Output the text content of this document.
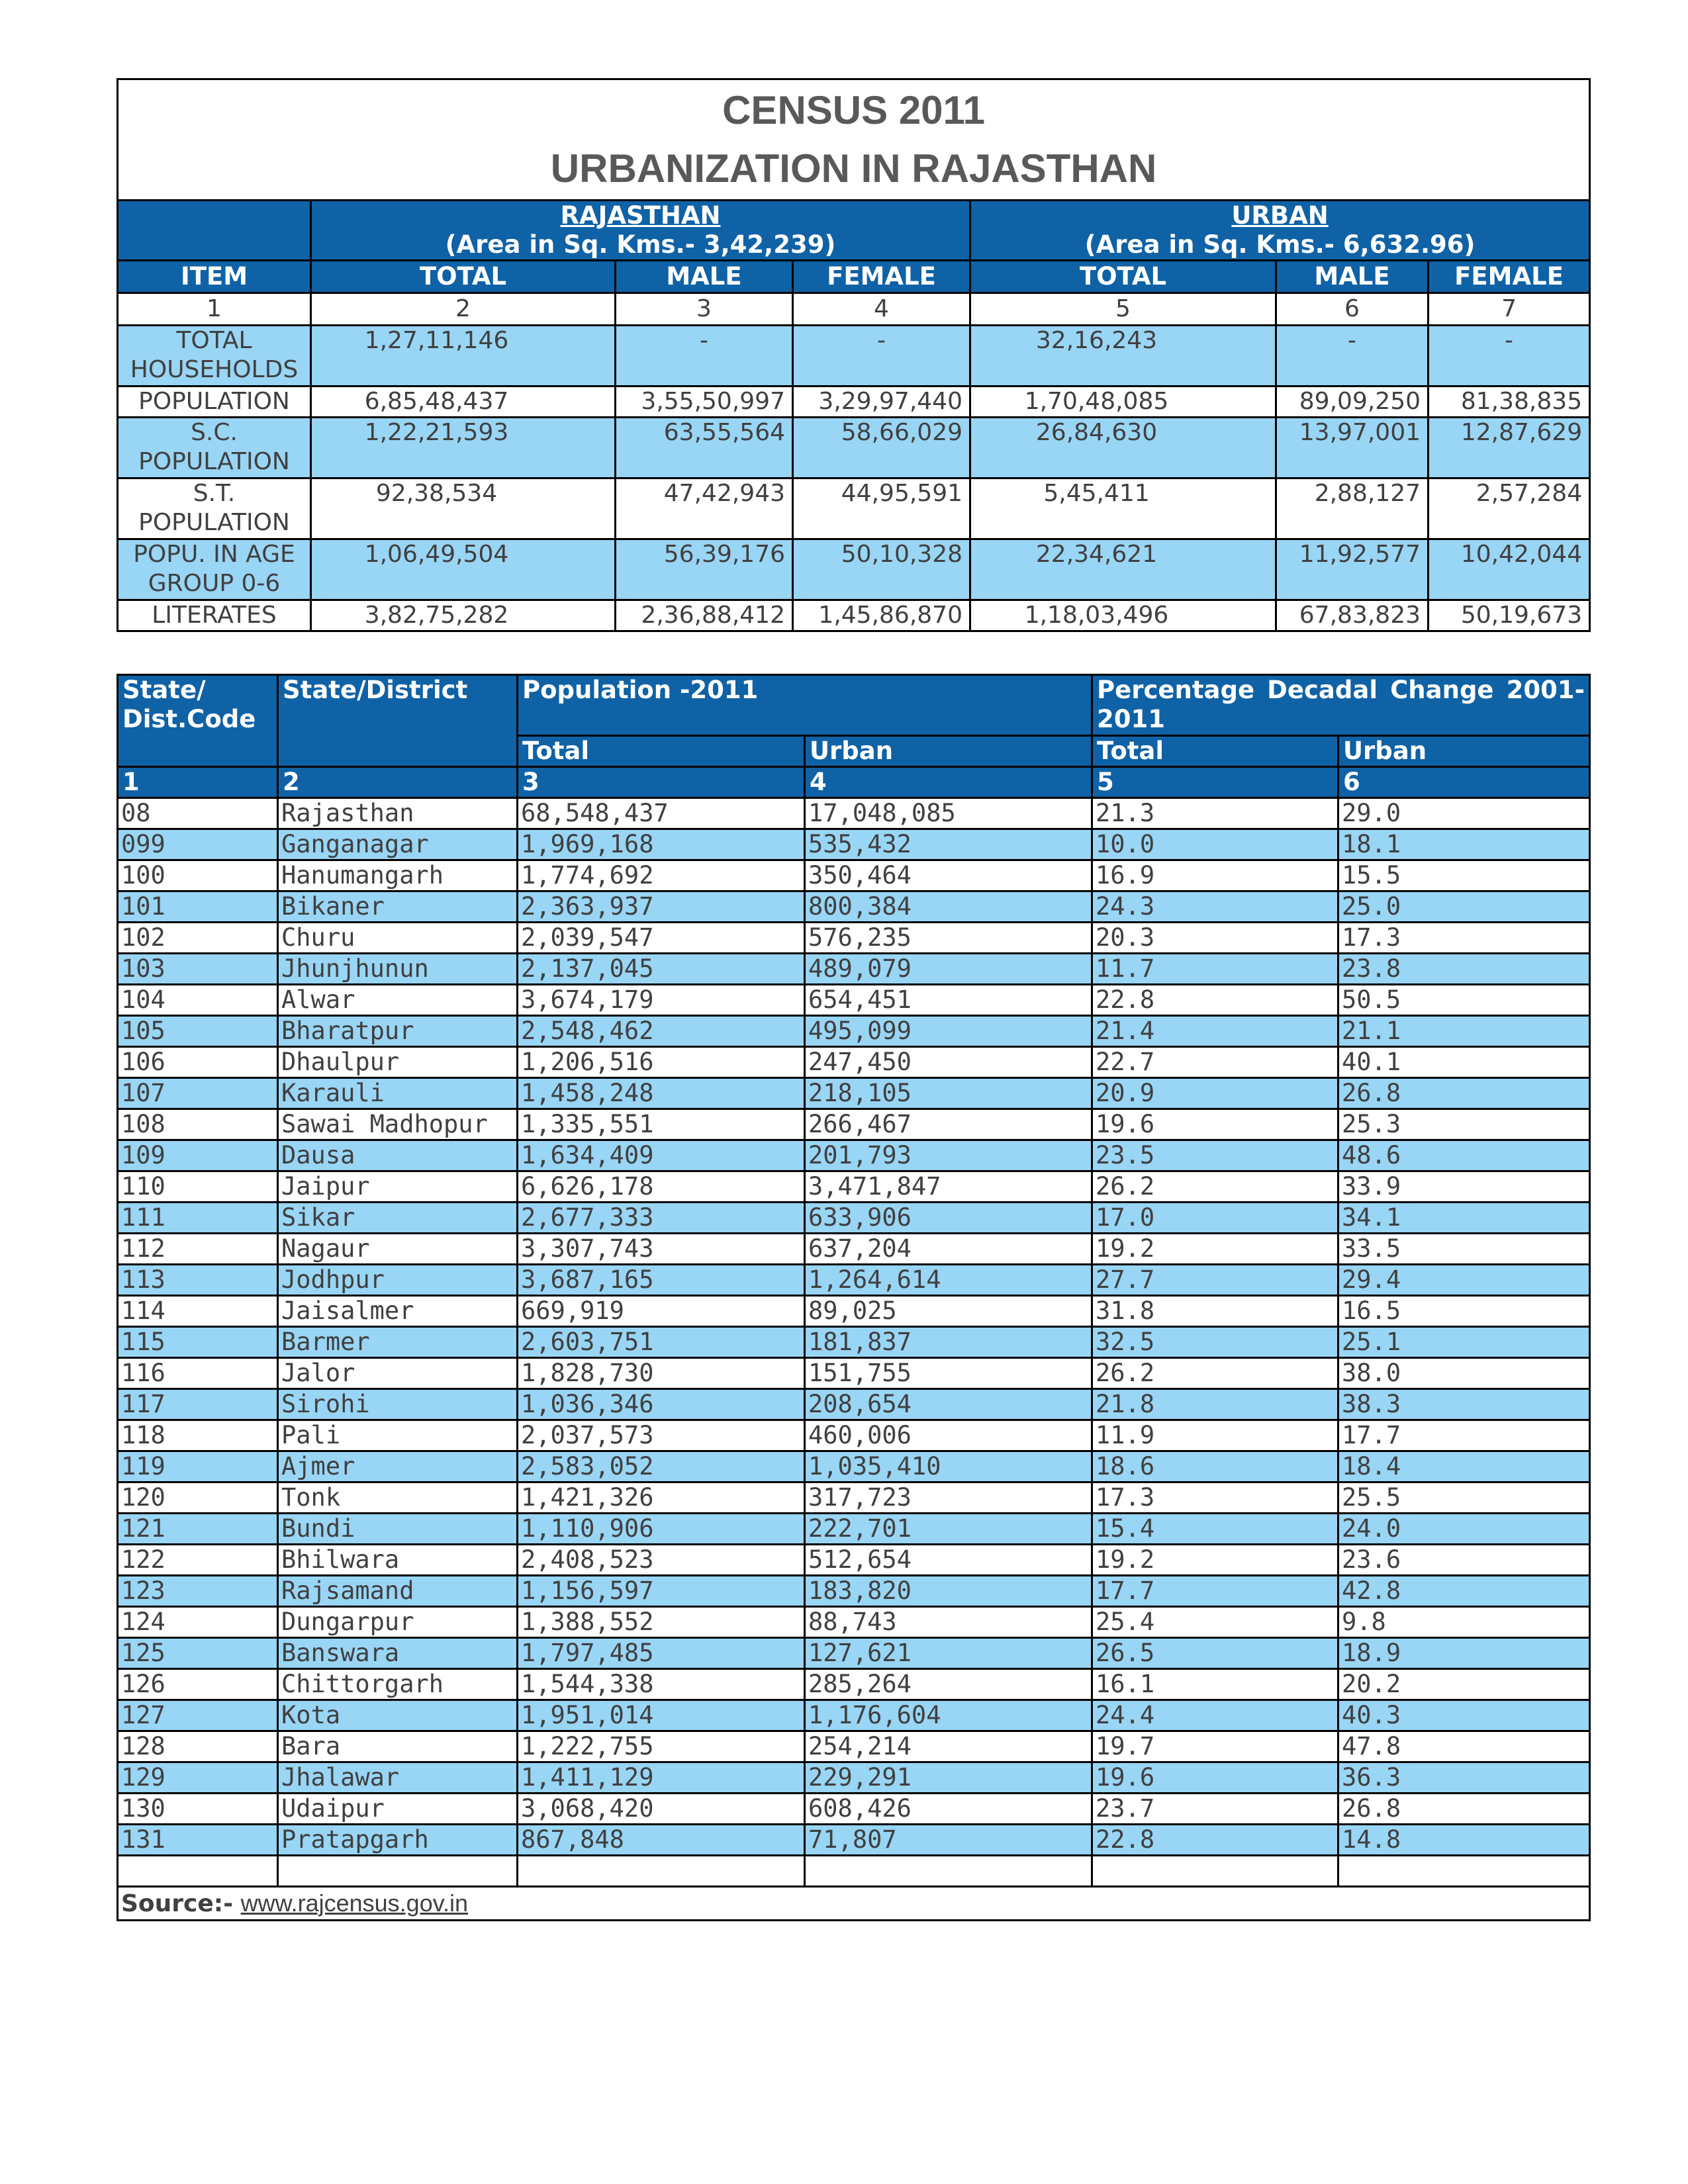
CENSUS 2011
URBANIZATION IN RAJASTHAN						

	RAJASTHAN
(Area in Sq. Kms.- 3,42,239)			URBAN
(Area in Sq. Kms.- 6,632.96)		

ITEM	TOTAL	MALE	FEMALE	TOTAL	MALE	FEMALE
1	2	3	4	5	6	7
TOTAL HOUSEHOLDS	1,27,11,146	-	-	32,16,243	-	-
POPULATION	6,85,48,437	3,55,50,997	3,29,97,440	1,70,48,085	89,09,250	81,38,835
S.C. POPULATION	1,22,21,593	63,55,564	58,66,029	26,84,630	13,97,001	12,87,629
S.T. POPULATION	92,38,534	47,42,943	44,95,591	5,45,411	2,88,127	2,57,284
POPU. IN AGE GROUP 0-6	1,06,49,504	56,39,176	50,10,328	22,34,621	11,92,577	10,42,044
LITERATES	3,82,75,282	2,36,88,412	1,45,86,870	1,18,03,496	67,83,823	50,19,673
State/ Dist.Code	State/District	Population -2011		Percentage Decadal Change 2001-2011	
		Total	Urban	Total	Urban
1	2	3	4	5	6
08	Rajasthan	68,548,437	17,048,085	21.3	29.0
099	Ganganagar	1,969,168	535,432	10.0	18.1
100	Hanumangarh	1,774,692	350,464	16.9	15.5
101	Bikaner	2,363,937	800,384	24.3	25.0
102	Churu	2,039,547	576,235	20.3	17.3
103	Jhunjhunun	2,137,045	489,079	11.7	23.8
104	Alwar	3,674,179	654,451	22.8	50.5
105	Bharatpur	2,548,462	495,099	21.4	21.1
106	Dhaulpur	1,206,516	247,450	22.7	40.1
107	Karauli	1,458,248	218,105	20.9	26.8
108	Sawai Madhopur	1,335,551	266,467	19.6	25.3
109	Dausa	1,634,409	201,793	23.5	48.6
110	Jaipur	6,626,178	3,471,847	26.2	33.9
111	Sikar	2,677,333	633,906	17.0	34.1
112	Nagaur	3,307,743	637,204	19.2	33.5
113	Jodhpur	3,687,165	1,264,614	27.7	29.4
114	Jaisalmer	669,919	89,025	31.8	16.5
115	Barmer	2,603,751	181,837	32.5	25.1
116	Jalor	1,828,730	151,755	26.2	38.0
117	Sirohi	1,036,346	208,654	21.8	38.3
118	Pali	2,037,573	460,006	11.9	17.7
119	Ajmer	2,583,052	1,035,410	18.6	18.4
120	Tonk	1,421,326	317,723	17.3	25.5
121	Bundi	1,110,906	222,701	15.4	24.0
122	Bhilwara	2,408,523	512,654	19.2	23.6
123	Rajsamand	1,156,597	183,820	17.7	42.8
124	Dungarpur	1,388,552	88,743	25.4	9.8
125	Banswara	1,797,485	127,621	26.5	18.9
126	Chittorgarh	1,544,338	285,264	16.1	20.2
127	Kota	1,951,014	1,176,604	24.4	40.3
128	Bara	1,222,755	254,214	19.7	47.8
129	Jhalawar	1,411,129	229,291	19.6	36.3
130	Udaipur	3,068,420	608,426	23.7	26.8
131	Pratapgarh	867,848	71,807	22.8	14.8

Source:- www.rajcensus.gov.in					
